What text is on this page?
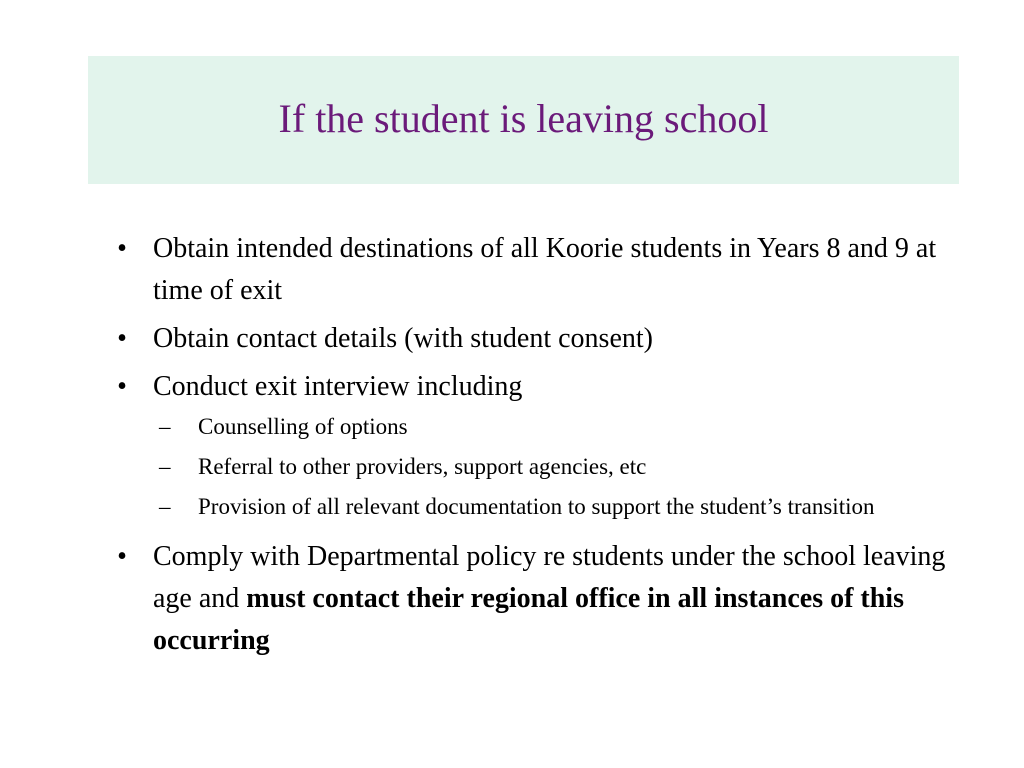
If the student is leaving school
• Obtain intended destinations of all Koorie students in Years 8 and 9 at time of exit
• Obtain contact details (with student consent)
• Conduct exit interview including
– Counselling of options
– Referral to other providers, support agencies, etc
– Provision of all relevant documentation to support the student’s transition
• Comply with Departmental policy re students under the school leaving age and must contact their regional office in all instances of this occurring
